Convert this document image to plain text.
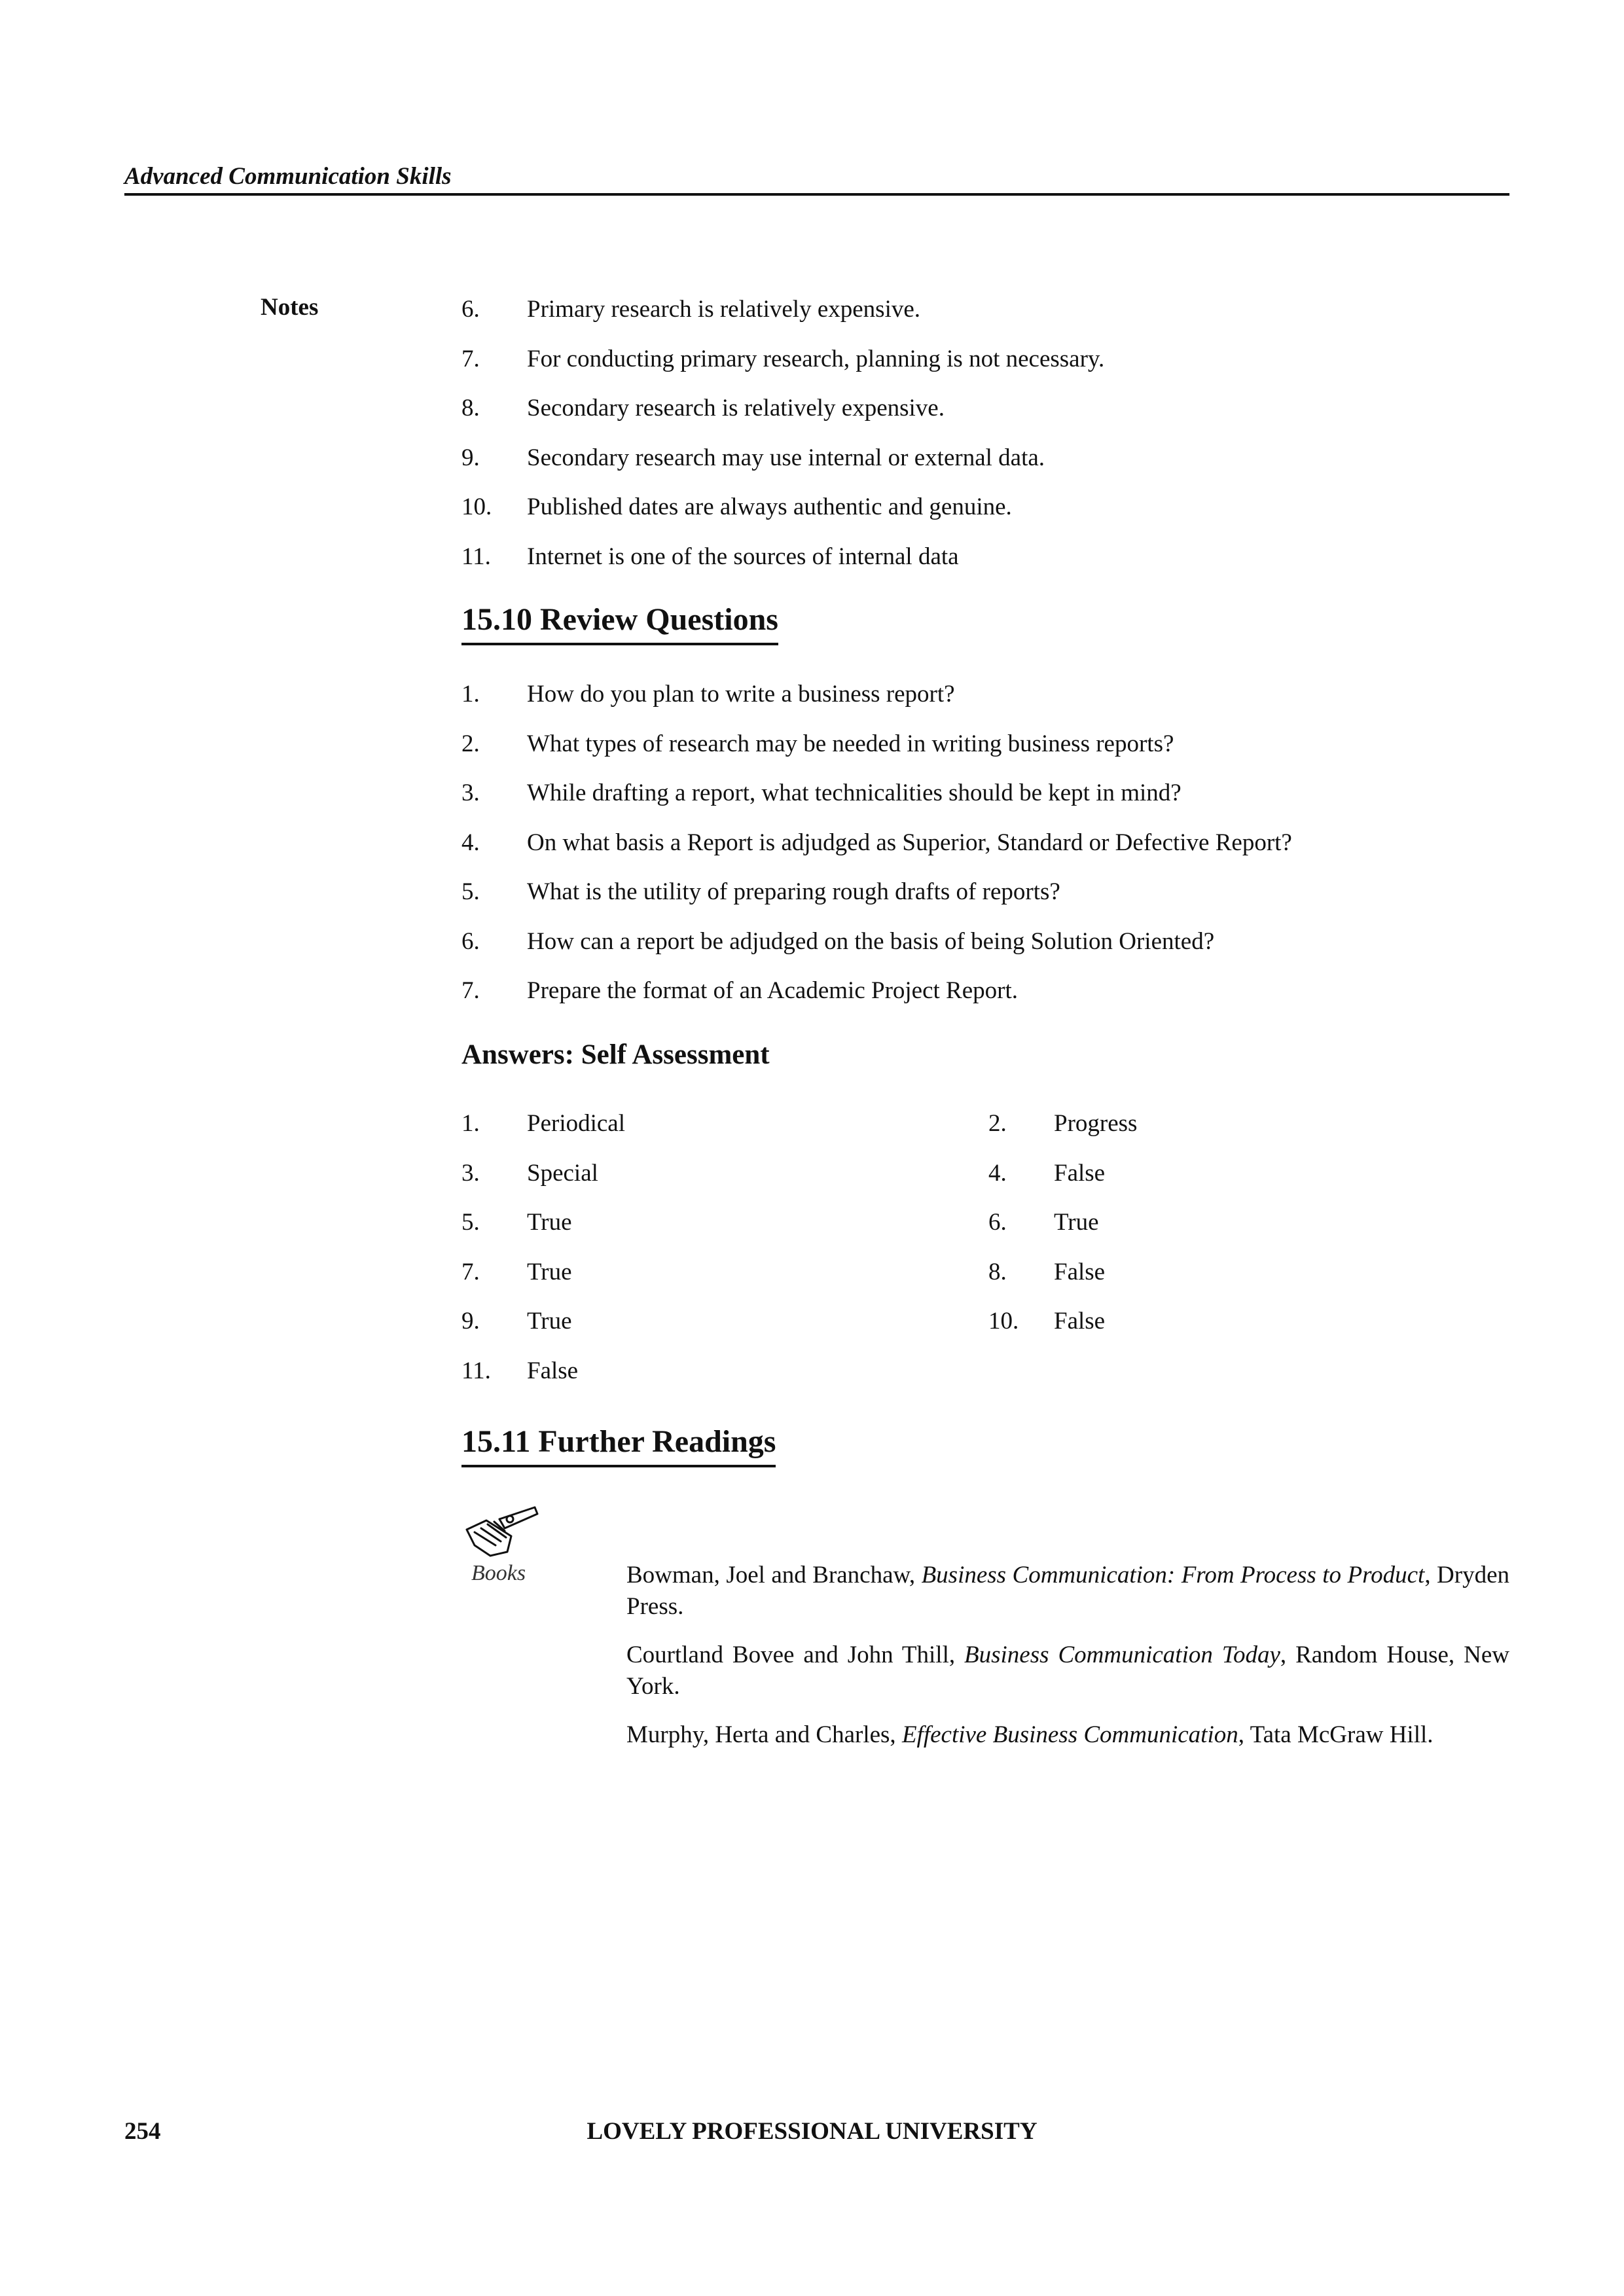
Advanced Communication Skills
Notes	6. Primary research is relatively expensive.
7. For conducting primary research, planning is not necessary.
8. Secondary research is relatively expensive.
9. Secondary research may use internal or external data.
10. Published dates are always authentic and genuine.
11. Internet is one of the sources of internal data
15.10 Review Questions
1. How do you plan to write a business report?
2. What types of research may be needed in writing business reports?
3. While drafting a report, what technicalities should be kept in mind?
4. On what basis a Report is adjudged as Superior, Standard or Defective Report?
5. What is the utility of preparing rough drafts of reports?
6. How can a report be adjudged on the basis of being Solution Oriented?
7. Prepare the format of an Academic Project Report.
Answers: Self Assessment
1. Periodical	2. Progress
3. Special	4. False
5. True	6. True
7. True	8. False
9. True	10. False
11. False
15.11 Further Readings
Books	Bowman, Joel and Branchaw, Business Communication: From Process to Product, Dryden Press.

Courtland Bovee and John Thill, Business Communication Today, Random House, New York.

Murphy, Herta and Charles, Effective Business Communication, Tata McGraw Hill.

LOVELY PROFESSIONAL UNIVERSITY
254
